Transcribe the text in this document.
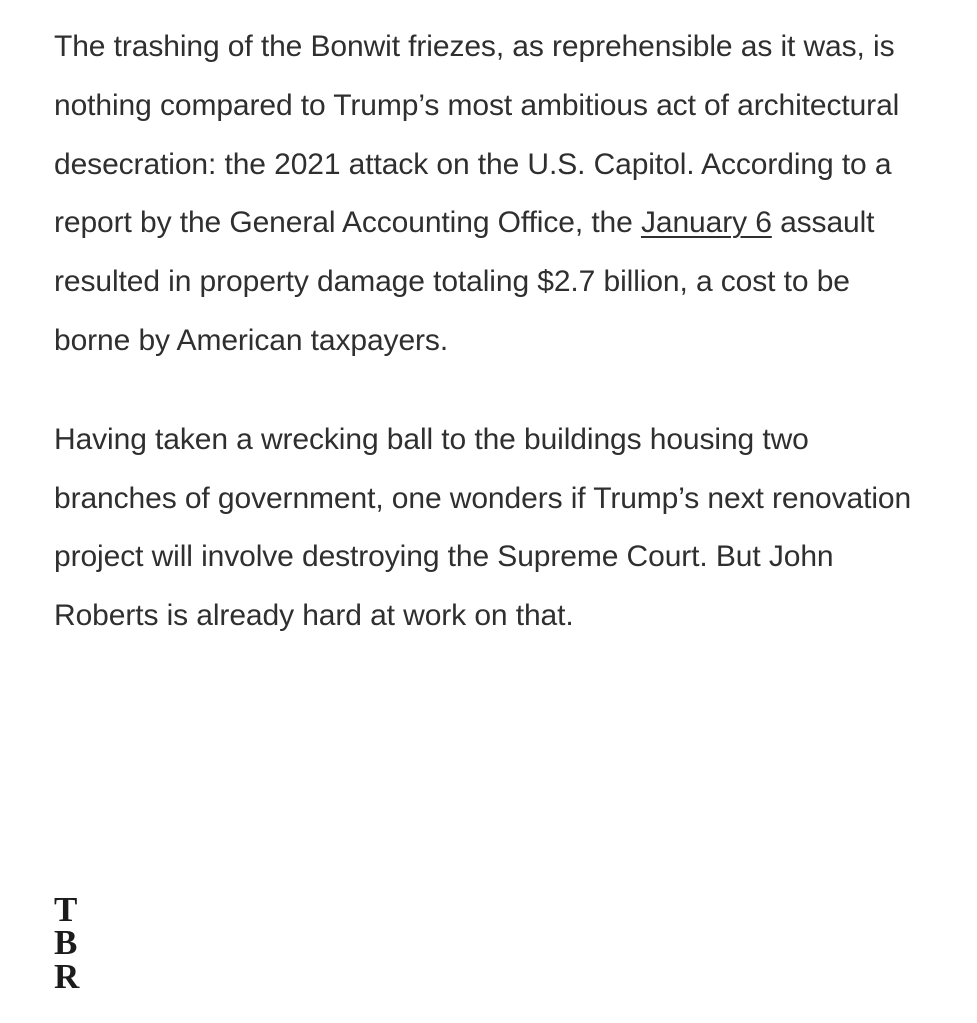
The trashing of the Bonwit friezes, as reprehensible as it was, is nothing compared to Trump’s most ambitious act of architectural desecration: the 2021 attack on the U.S. Capitol. According to a report by the General Accounting Office, the January 6 assault resulted in property damage totaling $2.7 billion, a cost to be borne by American taxpayers.

Having taken a wrecking ball to the buildings housing two branches of government, one wonders if Trump’s next renovation project will involve destroying the Supreme Court. But John Roberts is already hard at work on that.

T
B
R
